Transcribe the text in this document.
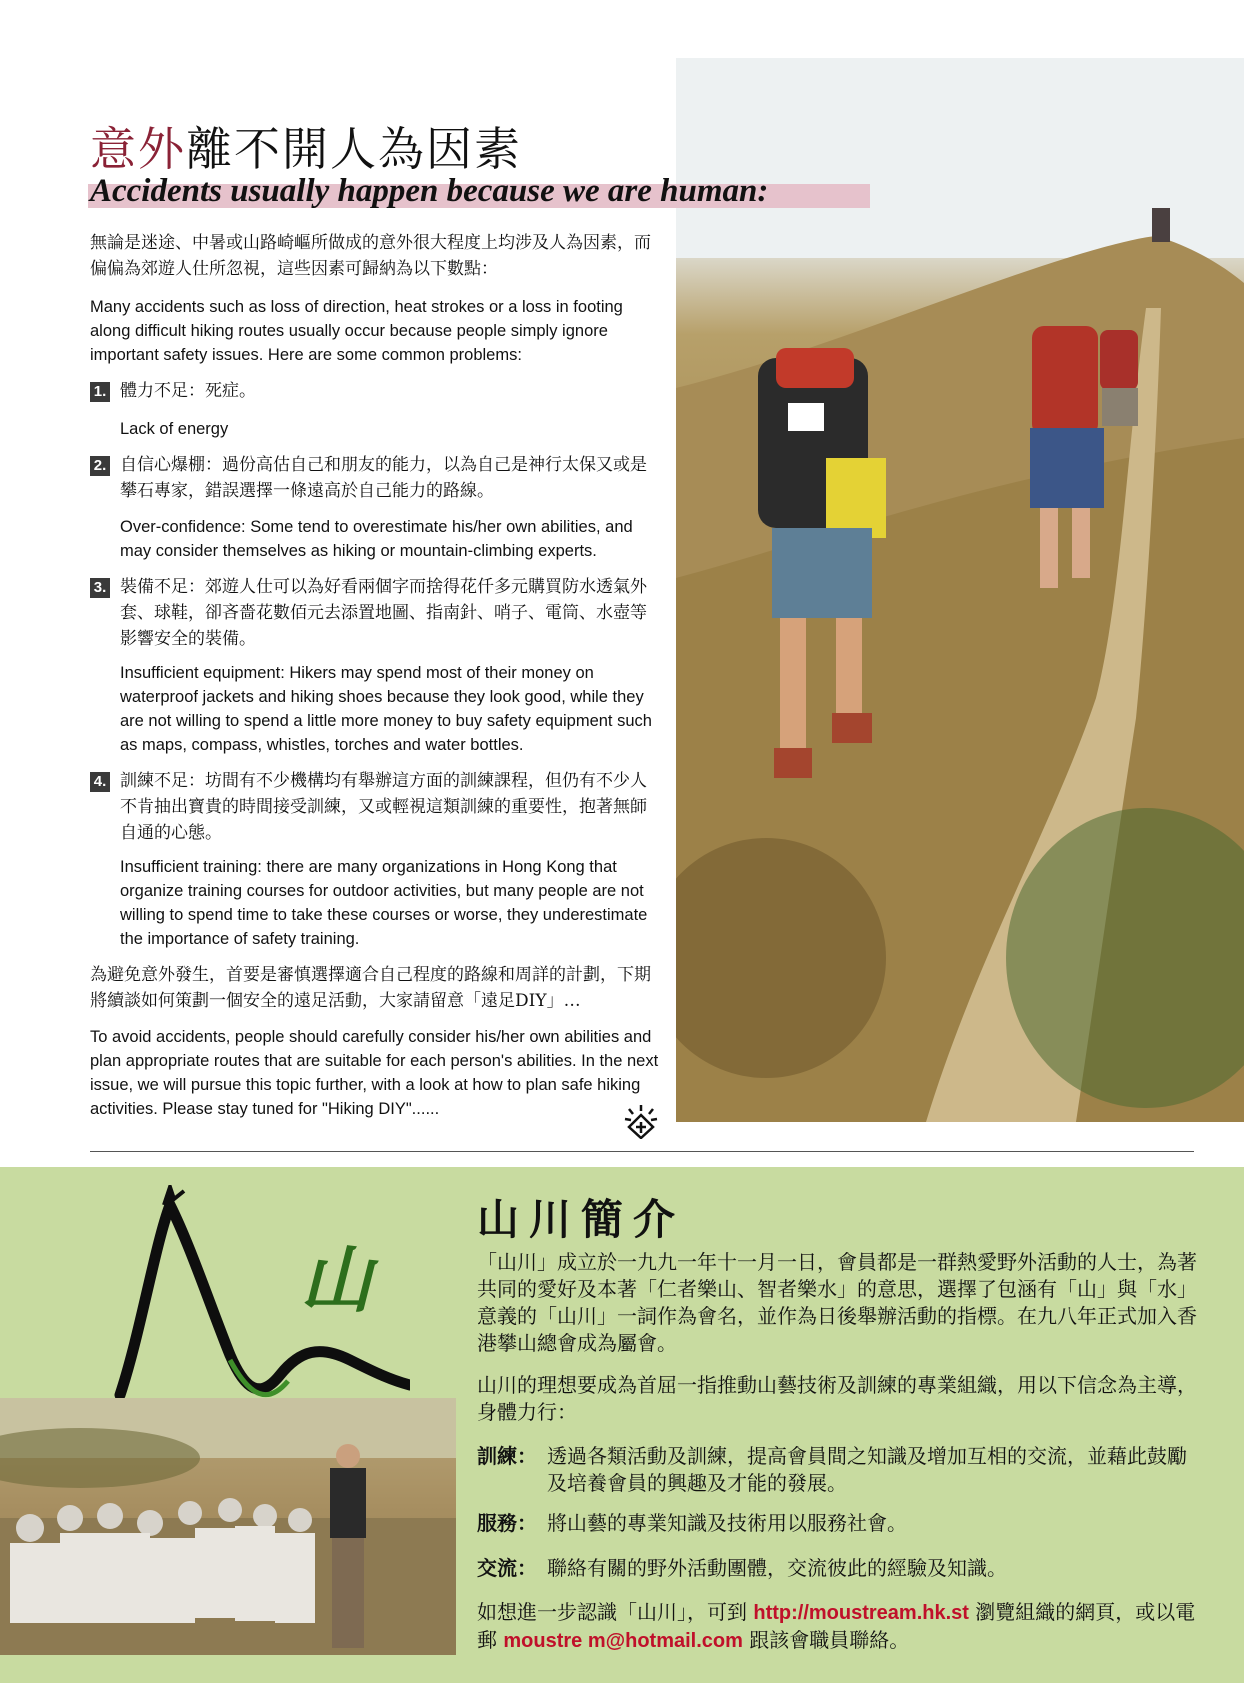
意外離不開人為因素
Accidents usually happen because we are human:

無論是迷途、中暑或山路崎嶇所做成的意外很大程度上均涉及人為因素，而偏偏為郊遊人仕所忽視，這些因素可歸納為以下數點：

Many accidents such as loss of direction, heat strokes or a loss in footing along difficult hiking routes usually occur because people simply ignore important safety issues. Here are some common problems:

1. 體力不足：死症。

Lack of energy

2. 自信心爆棚：過份高估自己和朋友的能力，以為自己是神行太保又或是攀石專家，錯誤選擇一條遠高於自己能力的路線。

Over-confidence: Some tend to overestimate his/her own abilities, and may consider themselves as hiking or mountain-climbing experts.

3. 裝備不足：郊遊人仕可以為好看兩個字而捨得花仟多元購買防水透氣外套、球鞋，卻吝嗇花數佰元去添置地圖、指南針、哨子、電筒、水壺等影響安全的裝備。

Insufficient equipment: Hikers may spend most of their money on waterproof jackets and hiking shoes because they look good, while they are not willing to spend a little more money to buy safety equipment such as maps, compass, whistles, torches and water bottles.

4. 訓練不足：坊間有不少機構均有舉辦這方面的訓練課程，但仍有不少人不肯抽出寶貴的時間接受訓練，又或輕視這類訓練的重要性，抱著無師自通的心態。

Insufficient training: there are many organizations in Hong Kong that organize training courses for outdoor activities, but many people are not willing to spend time to take these courses or worse, they underestimate the importance of safety training.

為避免意外發生，首要是審慎選擇適合自己程度的路線和周詳的計劃，下期將續談如何策劃一個安全的遠足活動，大家請留意「遠足DIY」…

To avoid accidents, people should carefully consider his/her own abilities and plan appropriate routes that are suitable for each person's abilities. In the next issue, we will pursue this topic further, with a look at how to plan safe hiking activities. Please stay tuned for "Hiking DIY"......

山
山川簡介

「山川」成立於一九九一年十一月一日，會員都是一群熱愛野外活動的人士，為著共同的愛好及本著「仁者樂山、智者樂水」的意思，選擇了包涵有「山」與「水」意義的「山川」一詞作為會名，並作為日後舉辦活動的指標。在九八年正式加入香港攀山總會成為屬會。

山川的理想要成為首屈一指推動山藝技術及訓練的專業組織，用以下信念為主導，身體力行：

訓練： 透過各類活動及訓練，提高會員間之知識及增加互相的交流，並藉此鼓勵及培養會員的興趣及才能的發展。

服務： 將山藝的專業知識及技術用以服務社會。

交流： 聯絡有關的野外活動團體，交流彼此的經驗及知識。

如想進一步認識「山川」，可到 http://moustream.hk.st 瀏覽組織的網頁，或以電郵 moustre m@hotmail.com 跟該會職員聯絡。
